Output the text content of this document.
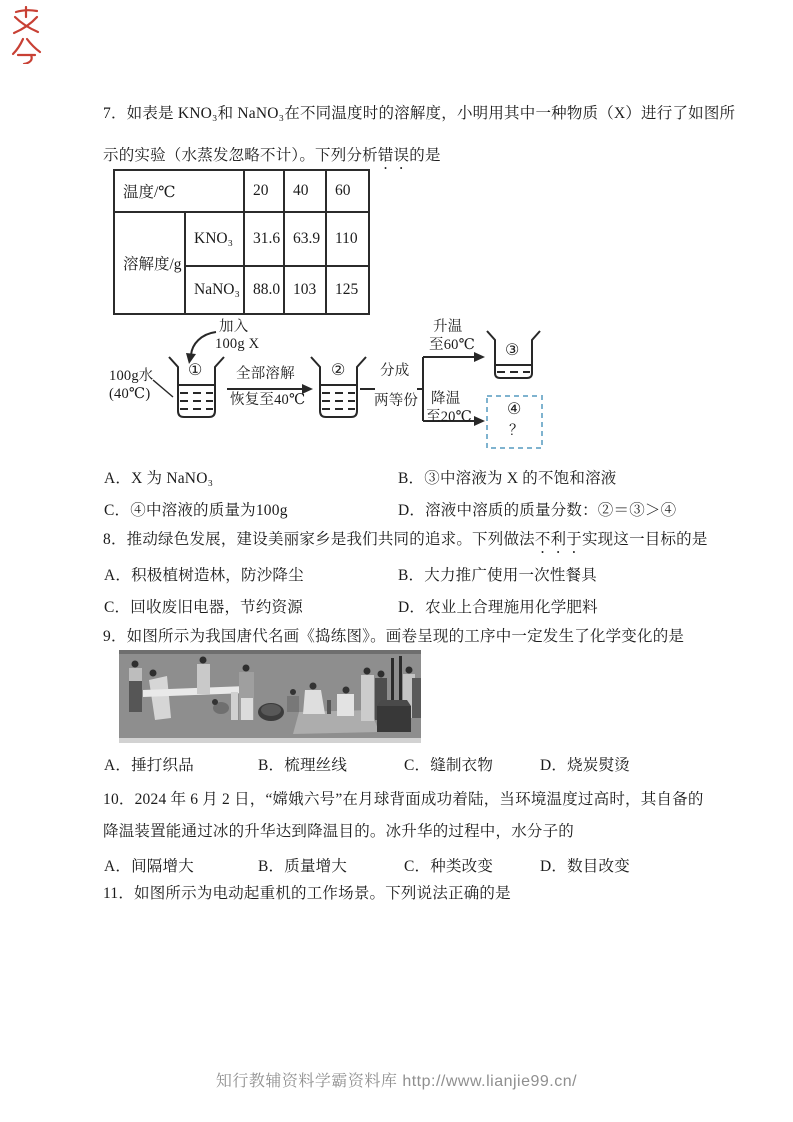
7．如表是 KNO₃和 NaNO₃在不同温度时的溶解度，小明用其中一种物质（X）进行了如图所
示的实验（水蒸发忽略不计）。下列分析错误的是
温度/℃		20	40	60
溶解度/g	KNO₃	31.6	63.9	110
	NaNO₃	88.0	103	125
加入
100g X
100g水
(40℃)
① 全部溶解
恢复至40℃
② 分成
两等份
升温
至60℃ ③
降温
至20℃ ④
？
A．X 为 NaNO₃	B．③中溶液为 X 的不饱和溶液
C．④中溶液的质量为100g	D．溶液中溶质的质量分数：②＝③＞④
8．推动绿色发展，建设美丽家乡是我们共同的追求。下列做法不利于实现这一目标的是
A．积极植树造林，防沙降尘	B．大力推广使用一次性餐具
C．回收废旧电器，节约资源	D．农业上合理施用化学肥料
9．如图所示为我国唐代名画《捣练图》。画卷呈现的工序中一定发生了化学变化的是
A．捶打织品	B．梳理丝线	C．缝制衣物	D．烧炭熨烫
10．2024 年 6 月 2 日，“嫦娥六号”在月球背面成功着陆，当环境温度过高时，其自备的
降温装置能通过冰的升华达到降温目的。冰升华的过程中，水分子的
A．间隔增大	B．质量增大	C．种类改变	D．数目改变
11．如图所示为电动起重机的工作场景。下列说法正确的是
知行教辅资料学霸资料库 http://www.lianjie99.cn/
